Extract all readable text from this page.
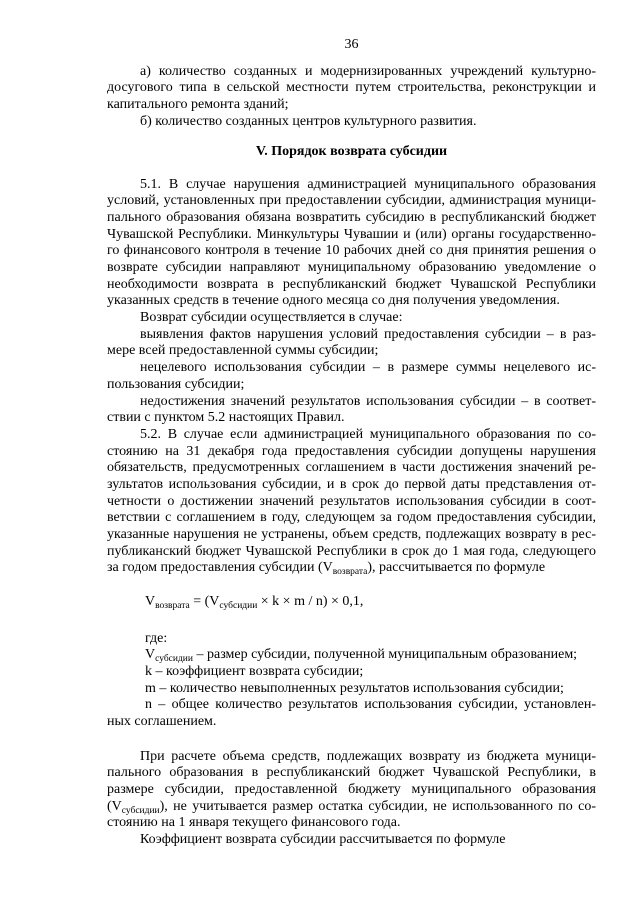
36
а) количество созданных и модернизированных учреждений культурно-
досугового типа в сельской местности путем строительства, реконструкции и
капитального ремонта зданий;
б) количество созданных центров культурного развития.
V. Порядок возврата субсидии
5.1. В случае нарушения администрацией муниципального образования
условий, установленных при предоставлении субсидии, администрация муници-
пального образования обязана возвратить субсидию в республиканский бюджет
Чувашской Республики. Минкультуры Чувашии и (или) органы государственно-
го финансового контроля в течение 10 рабочих дней со дня принятия решения о
возврате субсидии направляют муниципальному образованию уведомление о
необходимости возврата в республиканский бюджет Чувашской Республики
указанных средств в течение одного месяца со дня получения уведомления.
Возврат субсидии осуществляется в случае:
выявления фактов нарушения условий предоставления субсидии – в раз-
мере всей предоставленной суммы субсидии;
нецелевого использования субсидии – в размере суммы нецелевого ис-
пользования субсидии;
недостижения значений результатов использования субсидии – в соответ-
ствии с пунктом 5.2 настоящих Правил.
5.2. В случае если администрацией муниципального образования по со-
стоянию на 31 декабря года предоставления субсидии допущены нарушения
обязательств, предусмотренных соглашением в части достижения значений ре-
зультатов использования субсидии, и в срок до первой даты представления от-
четности о достижении значений результатов использования субсидии в соот-
ветствии с соглашением в году, следующем за годом предоставления субсидии,
указанные нарушения не устранены, объем средств, подлежащих возврату в рес-
публиканский бюджет Чувашской Республики в срок до 1 мая года, следующего
за годом предоставления субсидии $(V_{возврата})$, рассчитывается по формуле
$V_{возврата} = (V_{субсидии} \times k \times m / n) \times 0,1$,
где:
$V_{субсидии}$ – размер субсидии, полученной муниципальным образованием;
k – коэффициент возврата субсидии;
m – количество невыполненных результатов использования субсидии;
n – общее количество результатов использования субсидии, установлен-
ных соглашением.
При расчете объема средств, подлежащих возврату из бюджета муници-
пального образования в республиканский бюджет Чувашской Республики, в
размере субсидии, предоставленной бюджету муниципального образования
$(V_{субсидии})$, не учитывается размер остатка субсидии, не использованного по со-
стоянию на 1 января текущего финансового года.
Коэффициент возврата субсидии рассчитывается по формуле
